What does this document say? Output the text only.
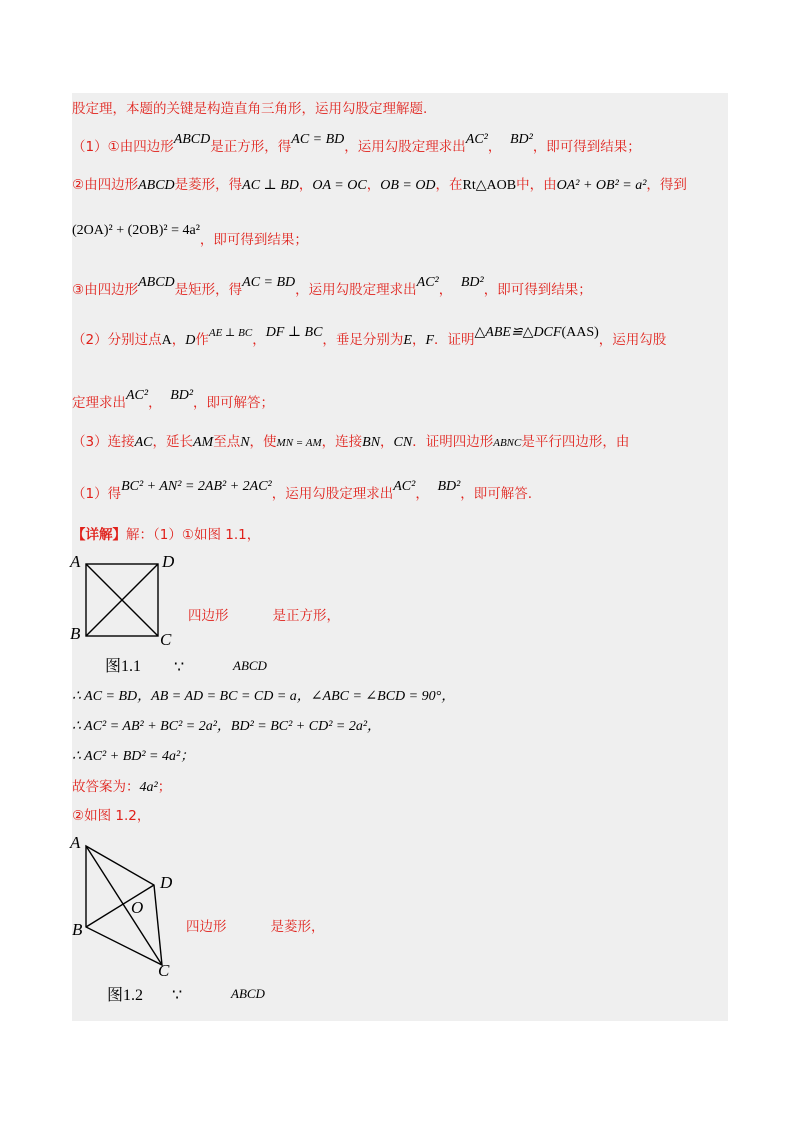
股定理，本题的关键是构造直角三角形，运用勾股定理解题.
（1）①由四边形ABCD是正方形，得AC = BD，运用勾股定理求出AC²， BD²，即可得到结果；
②由四边形ABCD是菱形，得AC ⊥ BD，OA = OC，OB = OD，在Rt△AOB中，由OA² + OB² = a²，得到
(2OA)² + (2OB)² = 4a²，即可得到结果；
③由四边形ABCD是矩形，得AC = BD，运用勾股定理求出AC²， BD²，即可得到结果；
（2）分别过点A，D作$^{AE \perp BC}$，DF ⊥ BC，垂足分别为E，F．证明△ABE≌△DCF(AAS)，运用勾股
定理求出AC²， BD²，即可解答；
（3）连接AC，延长AM至点N，使MN = AM，连接BN，CN．证明四边形ABNC是平行四边形，由
（1）得BC² + AN² = 2AB² + 2AC²，运用勾股定理求出AC²， BD²，即可解答.
【详解】解：（1）①如图 1.1，
A	D
B	C
四边形	是正方形，
图1.1 ∵	ABCD
∴ AC = BD，AB = AD = BC = CD = a，∠ABC = ∠BCD = 90°，
∴ AC² = AB² + BC² = 2a²，BD² = BC² + CD² = 2a²，
∴ AC² + BD² = 4a²；
故答案为：4a²；
②如图 1.2，
A
D
B
O
C
四边形	是菱形，
图1.2 ∵	ABCD
